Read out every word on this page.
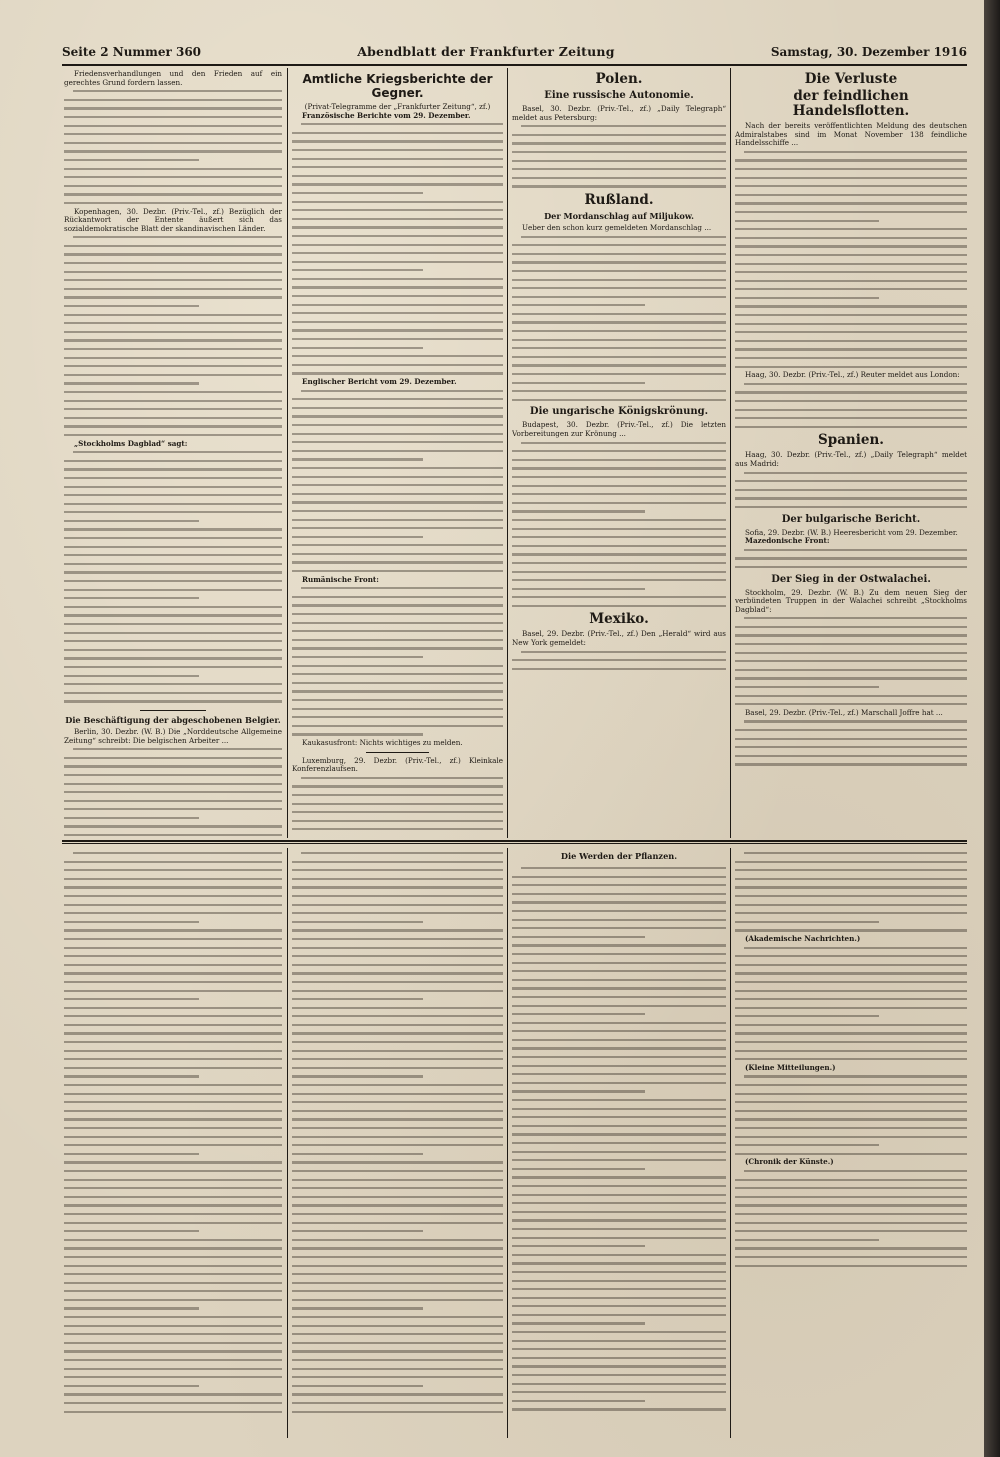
Seite 2 Nummer 360	Abendblatt der Frankfurter Zeitung	Samstag, 30. Dezember 1916

Friedensverhandlungen und den Frieden auf ein gerechtes Grund fordern lassen.

Kopenhagen, 30. Dezbr. (Priv.-Tel., zf.) Bezüglich der Rückantwort der Entente äußert sich das sozialdemokratische Blatt der skandinavischen Länder.

„Stockholms Dagblad“ sagt:

Die Beschäftigung der abgeschobenen Belgier.

Berlin, 30. Dezbr. (W. B.) Die „Norddeutsche Allgemeine Zeitung“ schreibt: Die belgischen Arbeiter ...

Amtliche Kriegsberichte der Gegner.

(Privat-Telegramme der „Frankfurter Zeitung“, zf.)

Französische Berichte vom 29. Dezember.

Englischer Bericht vom 29. Dezember.

Rumänische Front:

Kaukasusfront: Nichts wichtiges zu melden.

Luxemburg, 29. Dezbr. (Priv.-Tel., zf.) Kleinkale Konferenzlaufsen.

Polen.
Eine russische Autonomie.

Basel, 30. Dezbr. (Priv.-Tel., zf.) „Daily Telegraph“ meldet aus Petersburg:

Rußland.
Der Mordanschlag auf Miljukow.

Ueber den schon kurz gemeldeten Mordanschlag ...

Die ungarische Königskrönung.

Budapest, 30. Dezbr. (Priv.-Tel., zf.) Die letzten Vorbereitungen zur Krönung ...

Mexiko.

Basel, 29. Dezbr. (Priv.-Tel., zf.) Den „Herald“ wird aus New York gemeldet:

Die Verluste
der feindlichen Handelsflotten.

Nach der bereits veröffentlichten Meldung des deutschen Admiralstabes sind im Monat November 138 feindliche Handelsschiffe ...

Haag, 30. Dezbr. (Priv.-Tel., zf.) Reuter meldet aus London:

Spanien.

Haag, 30. Dezbr. (Priv.-Tel., zf.) „Daily Telegraph“ meldet aus Madrid:

Der bulgarische Bericht.

Sofia, 29. Dezbr. (W. B.) Heeresbericht vom 29. Dezember.

Mazedonische Front:

Der Sieg in der Ostwalachei.

Stockholm, 29. Dezbr. (W. B.) Zu dem neuen Sieg der verbündeten Truppen in der Walachei schreibt „Stockholms Dagblad“:

Basel, 29. Dezbr. (Priv.-Tel., zf.) Marschall Joffre hat ...

Die Werden der Pflanzen.

(Akademische Nachrichten.)

(Kleine Mitteilungen.)

(Chronik der Künste.)
